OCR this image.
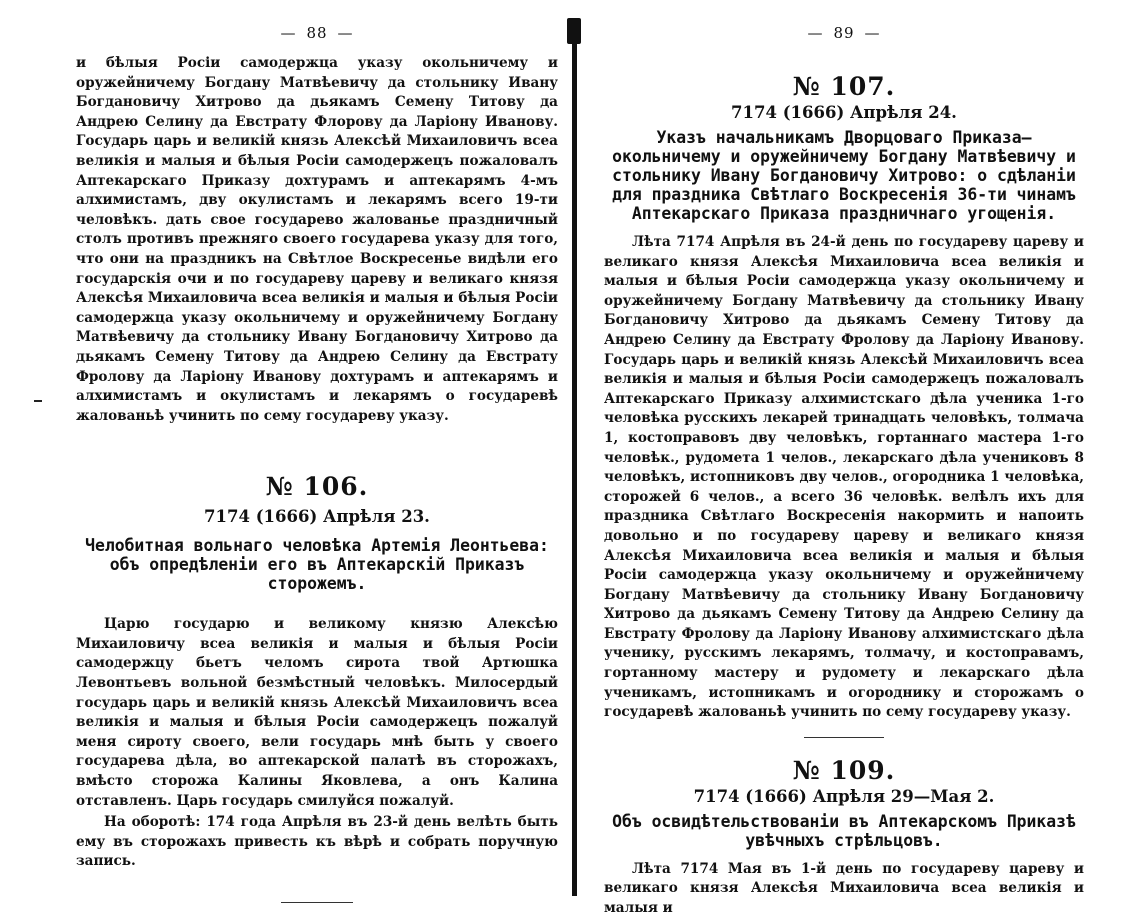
— 88 —

и бѣлыя Росіи самодержца указу окольничему и оружейничему Богдану Матвѣевичу да стольнику Ивану Богдановичу Хитрово да дьякамъ Семену Титову да Андрею Селину да Евстрату Флорову да Ларіону Иванову. Государь царь и великій князь Алексѣй Михаиловичъ всеа великія и малыя и бѣлыя Росіи самодержецъ пожаловалъ Аптекарскаго Приказу дохтурамъ и аптекарямъ 4-мъ алхимистамъ, дву окулистамъ и лекарямъ всего 19-ти человѣкъ. дать свое государево жалованье праздничный столъ противъ прежняго своего государева указу для того, что они на праздникъ на Свѣтлое Воскресенье видѣли его государскія очи и по государеву цареву и великаго князя Алексѣя Михаиловича всеа великія и малыя и бѣлыя Росіи самодержца указу окольничему и оружейничему Богдану Матвѣевичу да стольнику Ивану Богдановичу Хитрово да дьякамъ Семену Титову да Андрею Селину да Евстрату Фролову да Ларіону Иванову дохтурамъ и аптекарямъ и алхимистамъ и окулистамъ и лекарямъ о государевѣ жалованьѣ учинить по сему государеву указу.

№ 106.

7174 (1666) Апрѣля 23.

Челобитная вольнаго человѣка Артемія Леонтьева: объ опредѣленіи его въ Аптекарскій Приказъ сторожемъ.

Царю государю и великому князю Алексѣю Михаиловичу всеа великія и малыя и бѣлыя Росіи самодержцу бьетъ челомъ сирота твой Артюшка Левонтьевъ вольной безмѣстный человѣкъ. Милосердый государь царь и великій князь Алексѣй Михаиловичъ всеа великія и малыя и бѣлыя Росіи самодержецъ пожалуй меня сироту своего, вели государь мнѣ быть у своего государева дѣла, во аптекарской палатѣ въ сторожахъ, вмѣсто сторожа Калины Яковлева, а онъ Калина отставленъ. Царь государь смилуйся пожалуй.

На оборотѣ: 174 года Апрѣля въ 23-й день велѣть быть ему въ сторожахъ привесть къ вѣрѣ и собрать поручную запись.

— 89 —

№ 107.

7174 (1666) Апрѣля 24.

Указъ начальникамъ Дворцоваго Приказа—окольничему и оружейничему Богдану Матвѣевичу и стольнику Ивану Богдановичу Хитрово: о сдѣланіи для праздника Свѣтлаго Воскресенія 36-ти чинамъ Аптекарскаго Приказа праздничнаго угощенія.

Лѣта 7174 Апрѣля въ 24-й день по государеву цареву и великаго князя Алексѣя Михаиловича всеа великія и малыя и бѣлыя Росіи самодержца указу окольничему и оружейничему Богдану Матвѣевичу да стольнику Ивану Богдановичу Хитрово да дьякамъ Семену Титову да Андрею Селину да Евстрату Фролову да Ларіону Иванову. Государь царь и великій князь Алексѣй Михаиловичъ всеа великія и малыя и бѣлыя Росіи самодержецъ пожаловалъ Аптекарскаго Приказу алхимистскаго дѣла ученика 1-го человѣка русскихъ лекарей тринадцать человѣкъ, толмача 1, костоправовъ дву человѣкъ, гортаннаго мастера 1-го человѣк., рудомета 1 челов., лекарскаго дѣла учениковъ 8 человѣкъ, истопниковъ дву челов., огородника 1 человѣка, сторожей 6 челов., а всего 36 человѣк. велѣлъ ихъ для праздника Свѣтлаго Воскресенія накормить и напоить довольно и по государеву цареву и великаго князя Алексѣя Михаиловича всеа великія и малыя и бѣлыя Росіи самодержца указу окольничему и оружейничему Богдану Матвѣевичу да стольнику Ивану Богдановичу Хитрово да дьякамъ Семену Титову да Андрею Селину да Евстрату Фролову да Ларіону Иванову алхимистскаго дѣла ученику, русскимъ лекарямъ, толмачу, и костоправамъ, гортанному мастеру и рудомету и лекарскаго дѣла ученикамъ, истопникамъ и огороднику и сторожамъ о государевѣ жалованьѣ учинить по сему государеву указу.

№ 109.

7174 (1666) Апрѣля 29—Мая 2.

Объ освидѣтельствованіи въ Аптекарскомъ Приказѣ увѣчныхъ стрѣльцовъ.

Лѣта 7174 Мая въ 1-й день по государеву цареву и великаго князя Алексѣя Михаиловича всеа великія и малыя и
